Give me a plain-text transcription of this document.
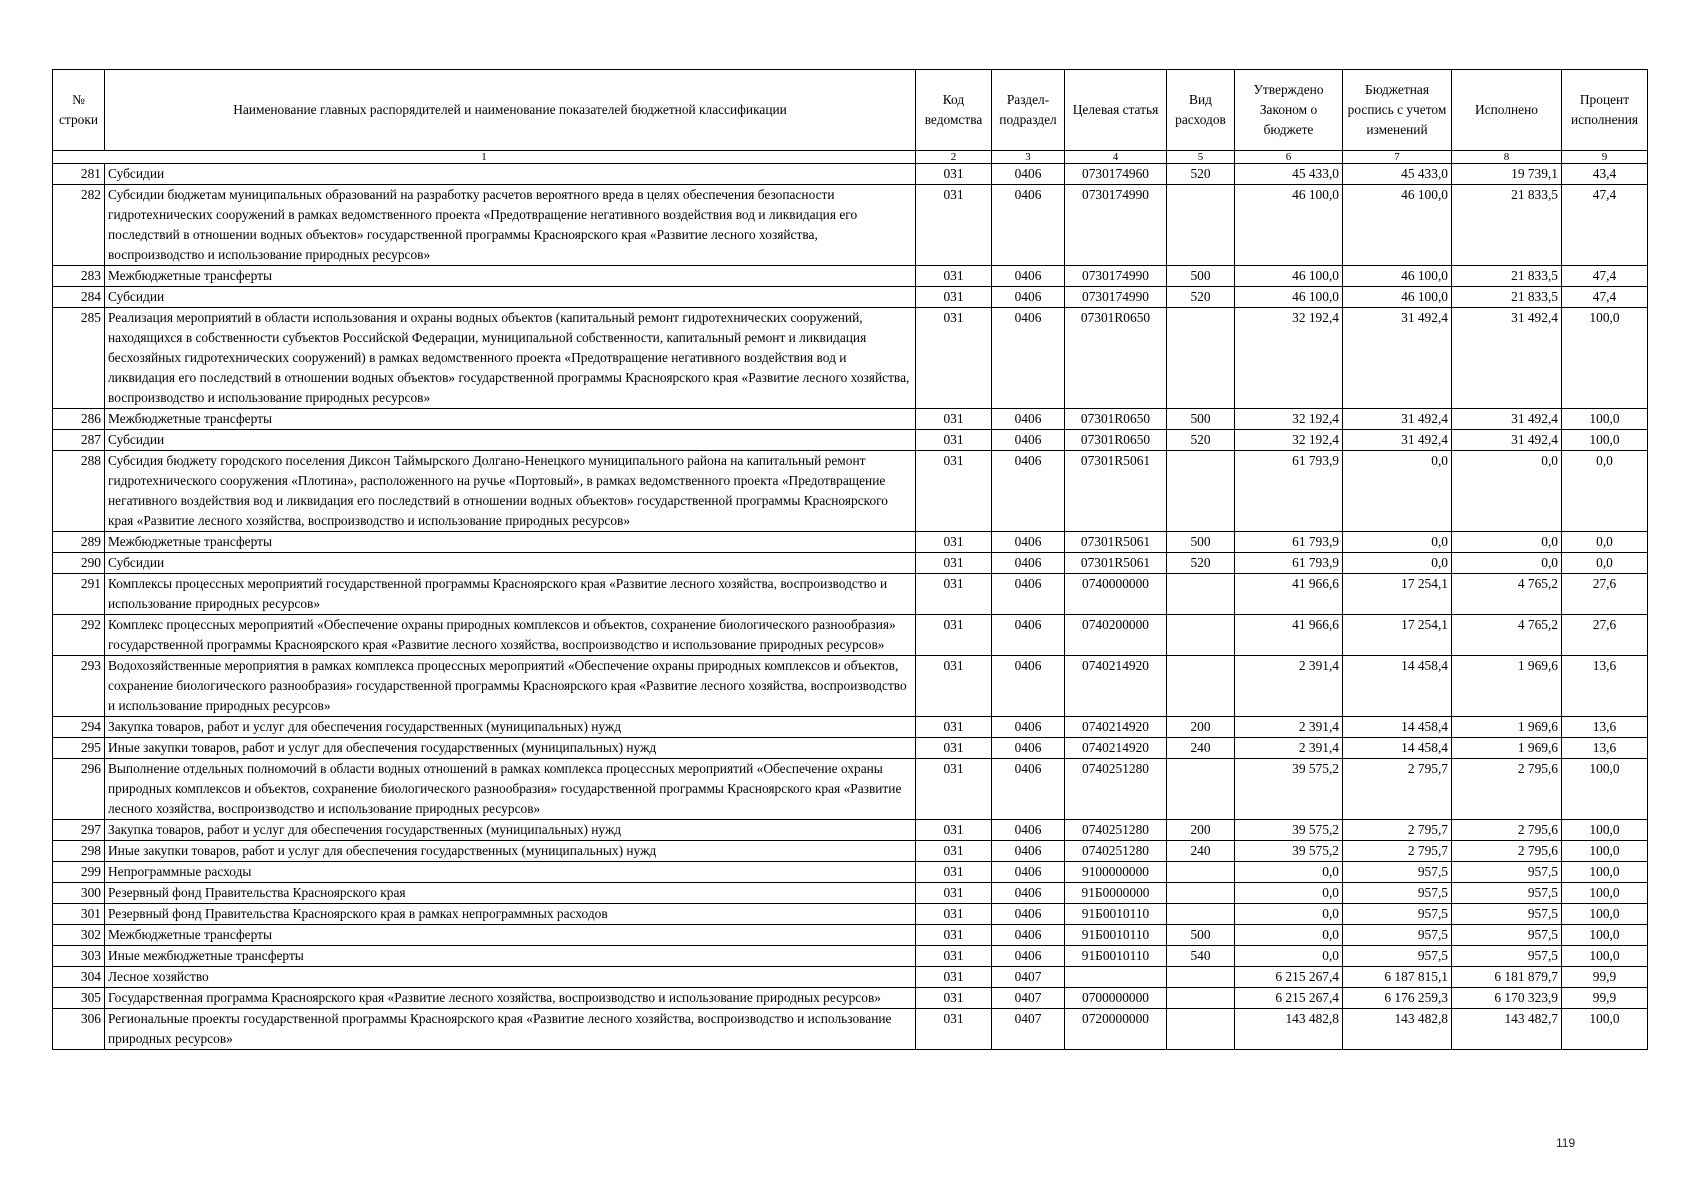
№ строки	Наименование главных распорядителей и наименование показателей бюджетной классификации	Код ведомства	Раздел-подраздел	Целевая статья	Вид расходов	Утверждено Законом о бюджете	Бюджетная роспись с учетом изменений	Исполнено	Процент исполнения
1		2	3	4	5	6	7	8	9
281	Субсидии	031	0406	0730174960	520	45 433,0	45 433,0	19 739,1	43,4
282	Субсидии бюджетам муниципальных образований на разработку расчетов вероятного вреда в целях обеспечения безопасности гидротехнических сооружений в рамках ведомственного проекта «Предотвращение негативного воздействия вод и ликвидация его последствий в отношении водных объектов» государственной программы Красноярского края «Развитие лесного хозяйства, воспроизводство и использование природных ресурсов»	031	0406	0730174990		46 100,0	46 100,0	21 833,5	47,4
283	Межбюджетные трансферты	031	0406	0730174990	500	46 100,0	46 100,0	21 833,5	47,4
284	Субсидии	031	0406	0730174990	520	46 100,0	46 100,0	21 833,5	47,4
285	Реализация мероприятий в области использования и охраны водных объектов (капитальный ремонт гидротехнических сооружений, находящихся в собственности субъектов Российской Федерации, муниципальной собственности, капитальный ремонт и ликвидация бесхозяйных гидротехнических сооружений) в рамках ведомственного проекта «Предотвращение негативного воздействия вод и ликвидация его последствий в отношении водных объектов» государственной программы Красноярского края «Развитие лесного хозяйства, воспроизводство и использование природных ресурсов»	031	0406	07301R0650		32 192,4	31 492,4	31 492,4	100,0
286	Межбюджетные трансферты	031	0406	07301R0650	500	32 192,4	31 492,4	31 492,4	100,0
287	Субсидии	031	0406	07301R0650	520	32 192,4	31 492,4	31 492,4	100,0
288	Субсидия бюджету городского поселения Диксон Таймырского Долгано-Ненецкого муниципального района на капитальный ремонт гидротехнического сооружения «Плотина», расположенного на ручье «Портовый», в рамках ведомственного проекта «Предотвращение негативного воздействия вод и ликвидация его последствий в отношении водных объектов» государственной программы Красноярского края «Развитие лесного хозяйства, воспроизводство и использование природных ресурсов»	031	0406	07301R5061		61 793,9	0,0	0,0	0,0
289	Межбюджетные трансферты	031	0406	07301R5061	500	61 793,9	0,0	0,0	0,0
290	Субсидии	031	0406	07301R5061	520	61 793,9	0,0	0,0	0,0
291	Комплексы процессных мероприятий государственной программы Красноярского края «Развитие лесного хозяйства, воспроизводство и использование природных ресурсов»	031	0406	0740000000		41 966,6	17 254,1	4 765,2	27,6
292	Комплекс процессных мероприятий «Обеспечение охраны природных комплексов и объектов, сохранение биологического разнообразия» государственной программы Красноярского края «Развитие лесного хозяйства, воспроизводство и использование природных ресурсов»	031	0406	0740200000		41 966,6	17 254,1	4 765,2	27,6
293	Водохозяйственные мероприятия в рамках комплекса процессных мероприятий «Обеспечение охраны природных комплексов и объектов, сохранение биологического разнообразия» государственной программы Красноярского края «Развитие лесного хозяйства, воспроизводство и использование природных ресурсов»	031	0406	0740214920		2 391,4	14 458,4	1 969,6	13,6
294	Закупка товаров, работ и услуг для обеспечения государственных (муниципальных) нужд	031	0406	0740214920	200	2 391,4	14 458,4	1 969,6	13,6
295	Иные закупки товаров, работ и услуг для обеспечения государственных (муниципальных) нужд	031	0406	0740214920	240	2 391,4	14 458,4	1 969,6	13,6
296	Выполнение отдельных полномочий в области водных отношений в рамках комплекса процессных мероприятий «Обеспечение охраны природных комплексов и объектов, сохранение биологического разнообразия» государственной программы Красноярского края «Развитие лесного хозяйства, воспроизводство и использование природных ресурсов»	031	0406	0740251280		39 575,2	2 795,7	2 795,6	100,0
297	Закупка товаров, работ и услуг для обеспечения государственных (муниципальных) нужд	031	0406	0740251280	200	39 575,2	2 795,7	2 795,6	100,0
298	Иные закупки товаров, работ и услуг для обеспечения государственных (муниципальных) нужд	031	0406	0740251280	240	39 575,2	2 795,7	2 795,6	100,0
299	Непрограммные расходы	031	0406	9100000000		0,0	957,5	957,5	100,0
300	Резервный фонд Правительства Красноярского края	031	0406	91Б0000000		0,0	957,5	957,5	100,0
301	Резервный фонд Правительства Красноярского края в рамках непрограммных расходов	031	0406	91Б0010110		0,0	957,5	957,5	100,0
302	Межбюджетные трансферты	031	0406	91Б0010110	500	0,0	957,5	957,5	100,0
303	Иные межбюджетные трансферты	031	0406	91Б0010110	540	0,0	957,5	957,5	100,0
304	Лесное хозяйство	031	0407			6 215 267,4	6 187 815,1	6 181 879,7	99,9
305	Государственная программа Красноярского края «Развитие лесного хозяйства, воспроизводство и использование природных ресурсов»	031	0407	0700000000		6 215 267,4	6 176 259,3	6 170 323,9	99,9
306	Региональные проекты государственной программы Красноярского края «Развитие лесного хозяйства, воспроизводство и использование природных ресурсов»	031	0407	0720000000		143 482,8	143 482,8	143 482,7	100,0
119
